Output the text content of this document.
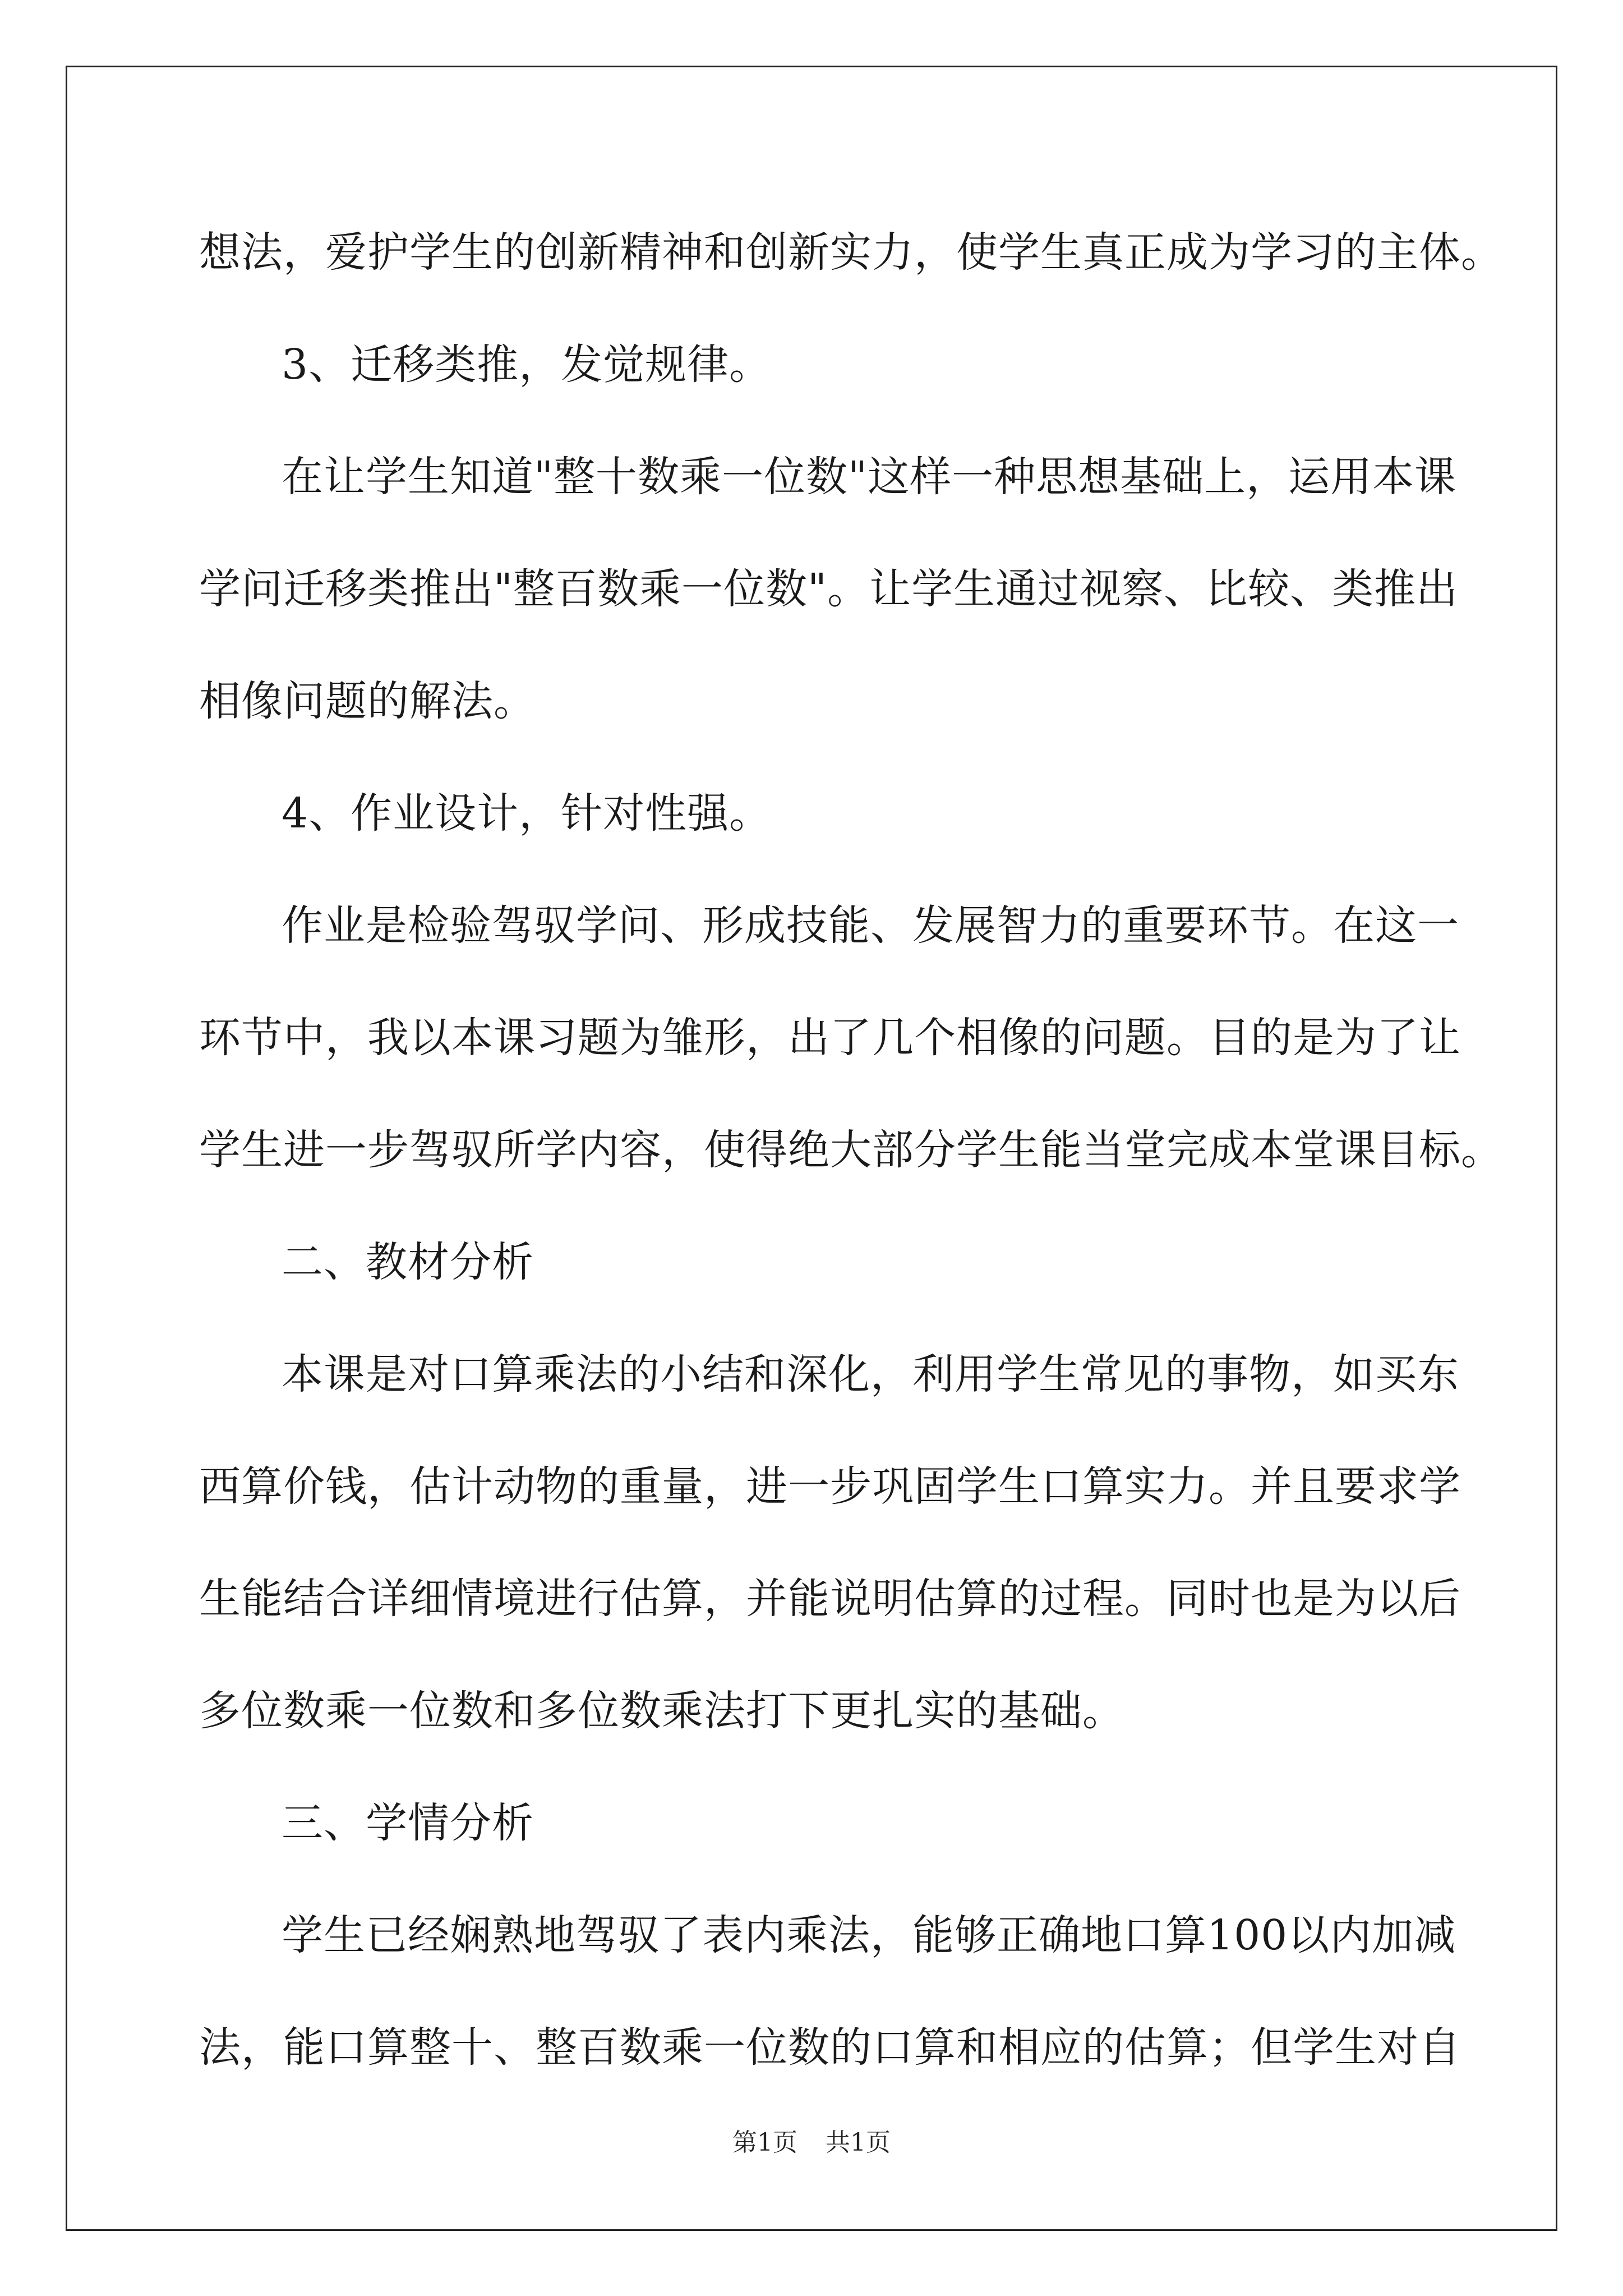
想法，爱护学生的创新精神和创新实力，使学生真正成为学习的主体。

3、迁移类推，发觉规律。

在让学生知道"整十数乘一位数"这样一种思想基础上，运用本课

学问迁移类推出"整百数乘一位数"。让学生通过视察、比较、类推出

相像问题的解法。

4、作业设计，针对性强。

作业是检验驾驭学问、形成技能、发展智力的重要环节。在这一

环节中，我以本课习题为雏形，出了几个相像的问题。目的是为了让

学生进一步驾驭所学内容，使得绝大部分学生能当堂完成本堂课目标。

二、教材分析

本课是对口算乘法的小结和深化，利用学生常见的事物，如买东

西算价钱，估计动物的重量，进一步巩固学生口算实力。并且要求学

生能结合详细情境进行估算，并能说明估算的过程。同时也是为以后

多位数乘一位数和多位数乘法打下更扎实的基础。

三、学情分析

学生已经娴熟地驾驭了表内乘法，能够正确地口算100以内加减

法，能口算整十、整百数乘一位数的口算和相应的估算；但学生对自

第1页 共1页
